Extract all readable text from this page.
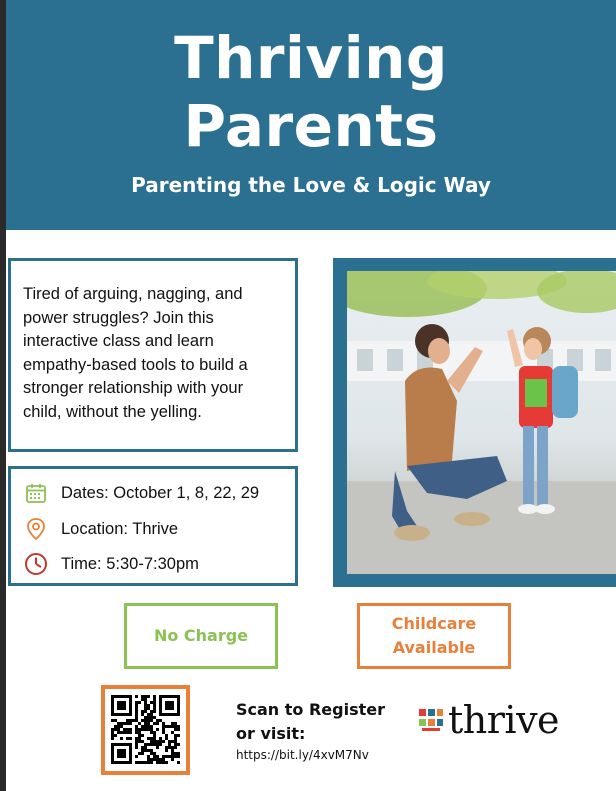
Thriving
Parents
Parenting the Love & Logic Way

Tired of arguing, nagging, and power struggles? Join this interactive class and learn empathy-based tools to build a stronger relationship with your child, without the yelling.

Dates: October 1, 8, 22, 29
Location: Thrive
Time: 5:30-7:30pm
No Charge
Childcare
Available
Scan to Register
or visit:
https://bit.ly/4xvM7Nv
thrive
